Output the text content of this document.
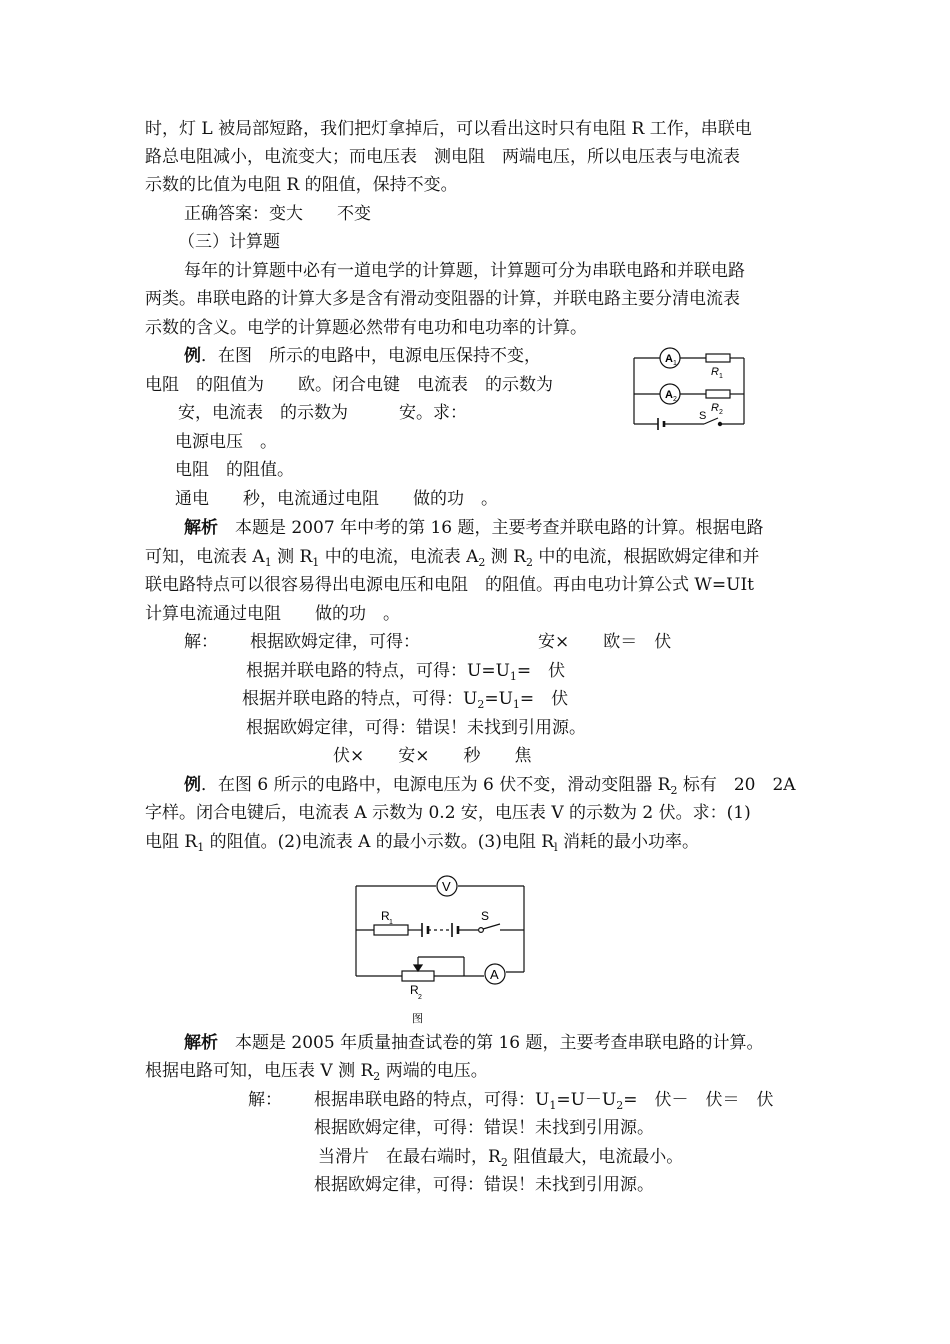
时，灯 L 被局部短路，我们把灯拿掉后，可以看出这时只有电阻 R 工作，串联电
路总电阻减小，电流变大；而电压表　测电阻　两端电压，所以电压表与电流表
示数的比值为电阻 R 的阻值，保持不变。
正确答案：变大　　不变
（三）计算题
每年的计算题中必有一道电学的计算题，计算题可分为串联电路和并联电路
两类。串联电路的计算大多是含有滑动变阻器的计算，并联电路主要分清电流表
示数的含义。电学的计算题必然带有电功和电功率的计算。
例．在图　所示的电路中，电源电压保持不变，
电阻　的阻值为　　欧。闭合电键　电流表　的示数为
安，电流表　的示数为　　　安。求：
电源电压　。
电阻　的阻值。
通电　　秒，电流通过电阻　　做的功　。
A 1
A 2
R 1
R 2
S
解析　 本题是 2007 年中考的第 16 题，主要考查并联电路的计算。根据电路
可知，电流表 $A_1$ 测 $R_1$ 中的电流，电流表 $A_2$ 测 $R_2$ 中的电流，根据欧姆定律和并
联电路特点可以很容易得出电源电压和电阻　的阻值。再由电功计算公式 W=UIt
计算电流通过电阻　　做的功　。
解： 根据欧姆定律，可得：	安×　　欧＝　伏
根据并联电路的特点，可得：$U=U_1=$　伏
根据并联电路的特点，可得：$U_2=U_1=$　伏
根据欧姆定律，可得：错误！未找到引用源。
伏×　　安×　　秒　　焦
例．在图 6 所示的电路中，电源电压为 6 伏不变，滑动变阻器 $R_2$ 标有　20　2A
字样。闭合电键后，电流表 A 示数为 0.2 安，电压表 V 的示数为 2 伏。求：(1)
电阻 $R_1$ 的阻值。(2)电流表 A 的最小示数。(3)电阻 $R_l$ 消耗的最小功率。
V
A
R 1	S
R
2
图
解析　 本题是 2005 年质量抽查试卷的第 16 题，主要考查串联电路的计算。
根据电路可知，电压表 V 测 $R_2$ 两端的电压。
解： 根据串联电路的特点，可得：$U_1=U-U_2=$　伏－　伏＝　伏
根据欧姆定律，可得：错误！未找到引用源。
当滑片　在最右端时，$R_2$ 阻值最大，电流最小。
根据欧姆定律，可得：错误！未找到引用源。
